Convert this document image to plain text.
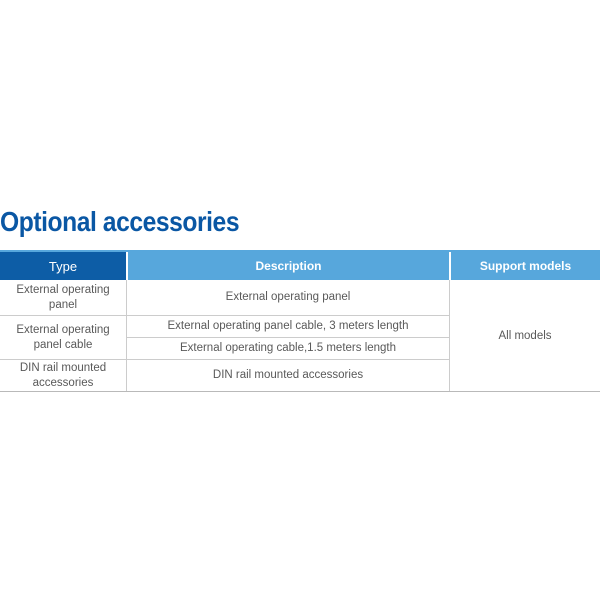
Optional accessories
Type	Description	Support models
External operating panel
External operating panel
External operating panel cable
External operating panel cable, 3 meters length
External operating cable,1.5 meters length
DIN rail mounted accessories
DIN rail mounted accessories
All models
